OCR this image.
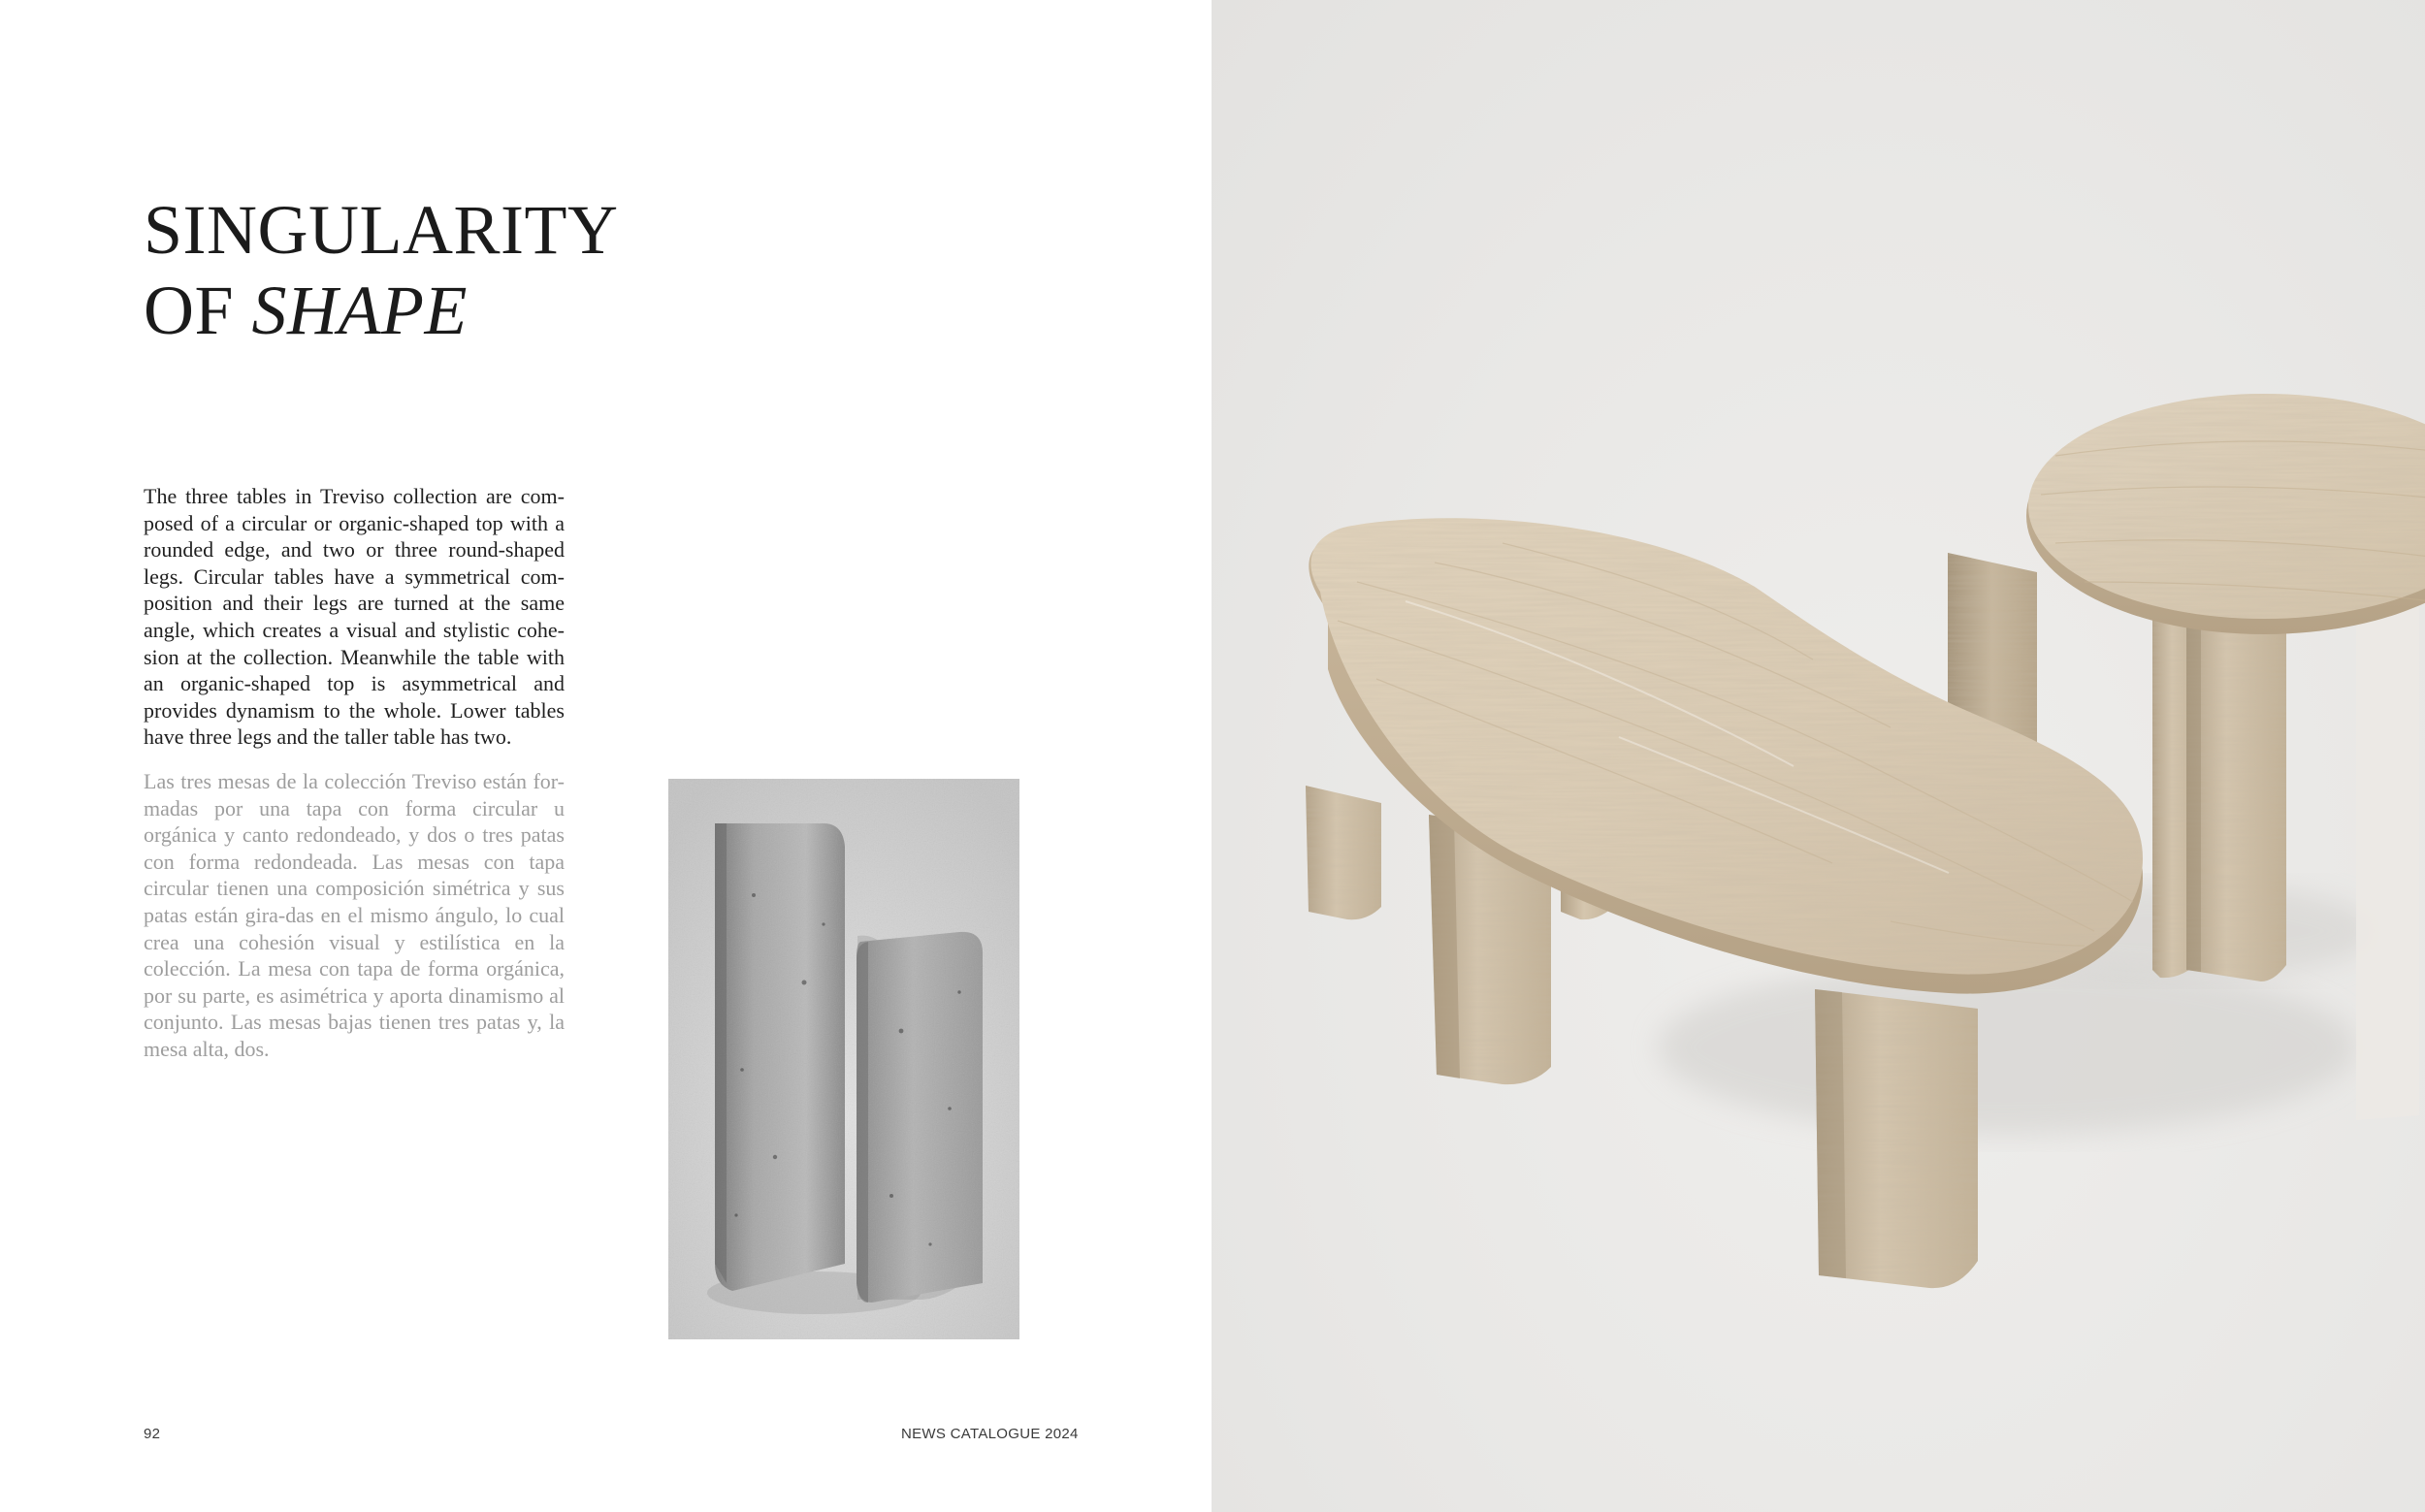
SINGULARITY
OF SHAPE

The three tables in Treviso collection are com-posed of a circular or organic-shaped top with a rounded edge, and two or three round-shaped legs. Circular tables have a symmetrical com-position and their legs are turned at the same angle, which creates a visual and stylistic cohe-sion at the collection. Meanwhile the table with an organic-shaped top is asymmetrical and provides dynamism to the whole. Lower tables have three legs and the taller table has two.

Las tres mesas de la colección Treviso están for-madas por una tapa con forma circular u orgánica y canto redondeado, y dos o tres patas con forma redondeada. Las mesas con tapa circular tienen una composición simétrica y sus patas están gira-das en el mismo ángulo, lo cual crea una cohesión visual y estilística en la colección. La mesa con tapa de forma orgánica, por su parte, es asimétrica y aporta dinamismo al conjunto. Las mesas bajas tienen tres patas y, la mesa alta, dos.

92	NEWS CATALOGUE 2024
